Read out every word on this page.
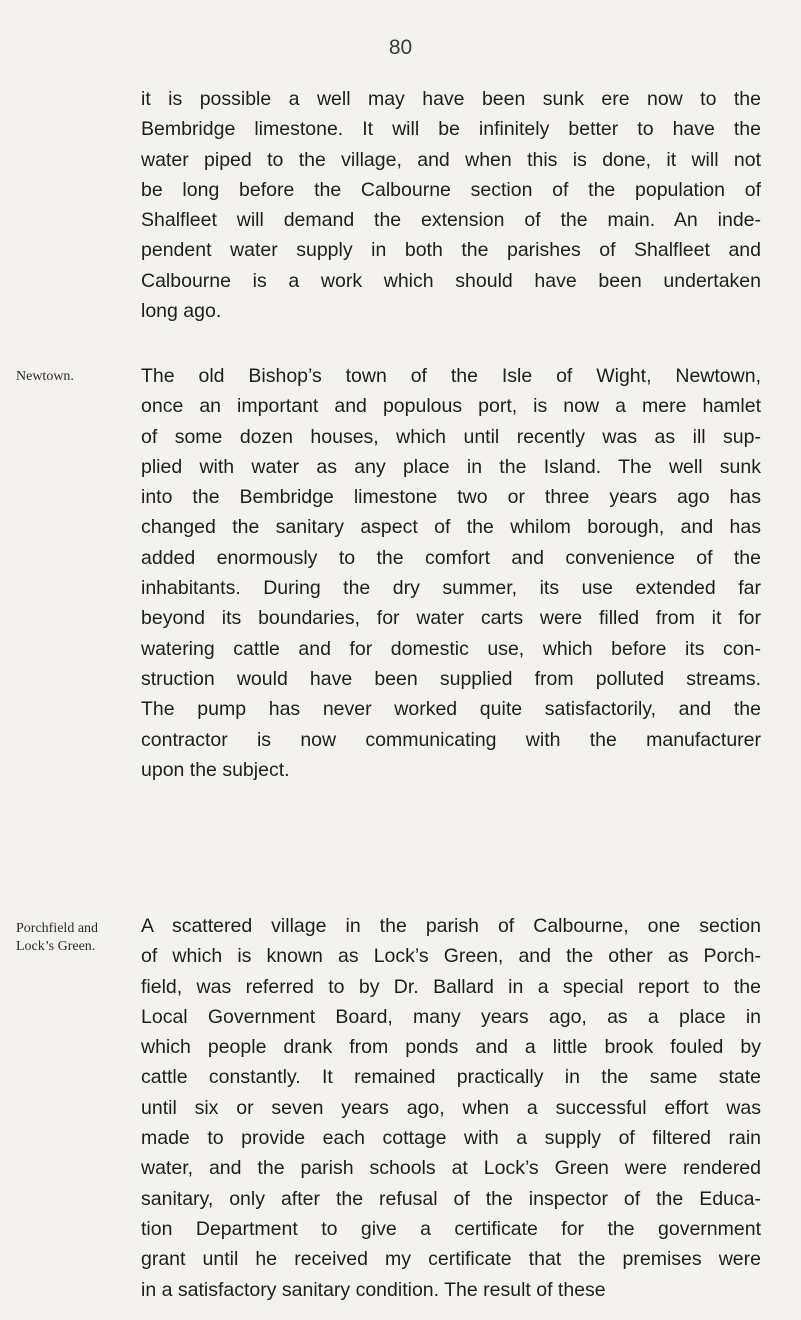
80
Newtown.
Porchfield and
Lock’s Green.
it is possible a well may have been sunk ere now to the
Bembridge limestone. It will be infinitely better to have the
water piped to the village, and when this is done, it will not
be long before the Calbourne section of the population of
Shalfleet will demand the extension of the main. An inde-
pendent water supply in both the parishes of Shalfleet and
Calbourne is a work which should have been undertaken
long ago.
The old Bishop’s town of the Isle of Wight, Newtown,
once an important and populous port, is now a mere hamlet
of some dozen houses, which until recently was as ill sup-
plied with water as any place in the Island. The well sunk
into the Bembridge limestone two or three years ago has
changed the sanitary aspect of the whilom borough, and has
added enormously to the comfort and convenience of the
inhabitants. During the dry summer, its use extended far
beyond its boundaries, for water carts were filled from it for
watering cattle and for domestic use, which before its con-
struction would have been supplied from polluted streams.
The pump has never worked quite satisfactorily, and the
contractor is now communicating with the manufacturer
upon the subject.
A scattered village in the parish of Calbourne, one section
of which is known as Lock’s Green, and the other as Porch-
field, was referred to by Dr. Ballard in a special report to the
Local Government Board, many years ago, as a place in
which people drank from ponds and a little brook fouled by
cattle constantly. It remained practically in the same state
until six or seven years ago, when a successful effort was
made to provide each cottage with a supply of filtered rain
water, and the parish schools at Lock’s Green were rendered
sanitary, only after the refusal of the inspector of the Educa-
tion Department to give a certificate for the government
grant until he received my certificate that the premises were
in a satisfactory sanitary condition. The result of these
